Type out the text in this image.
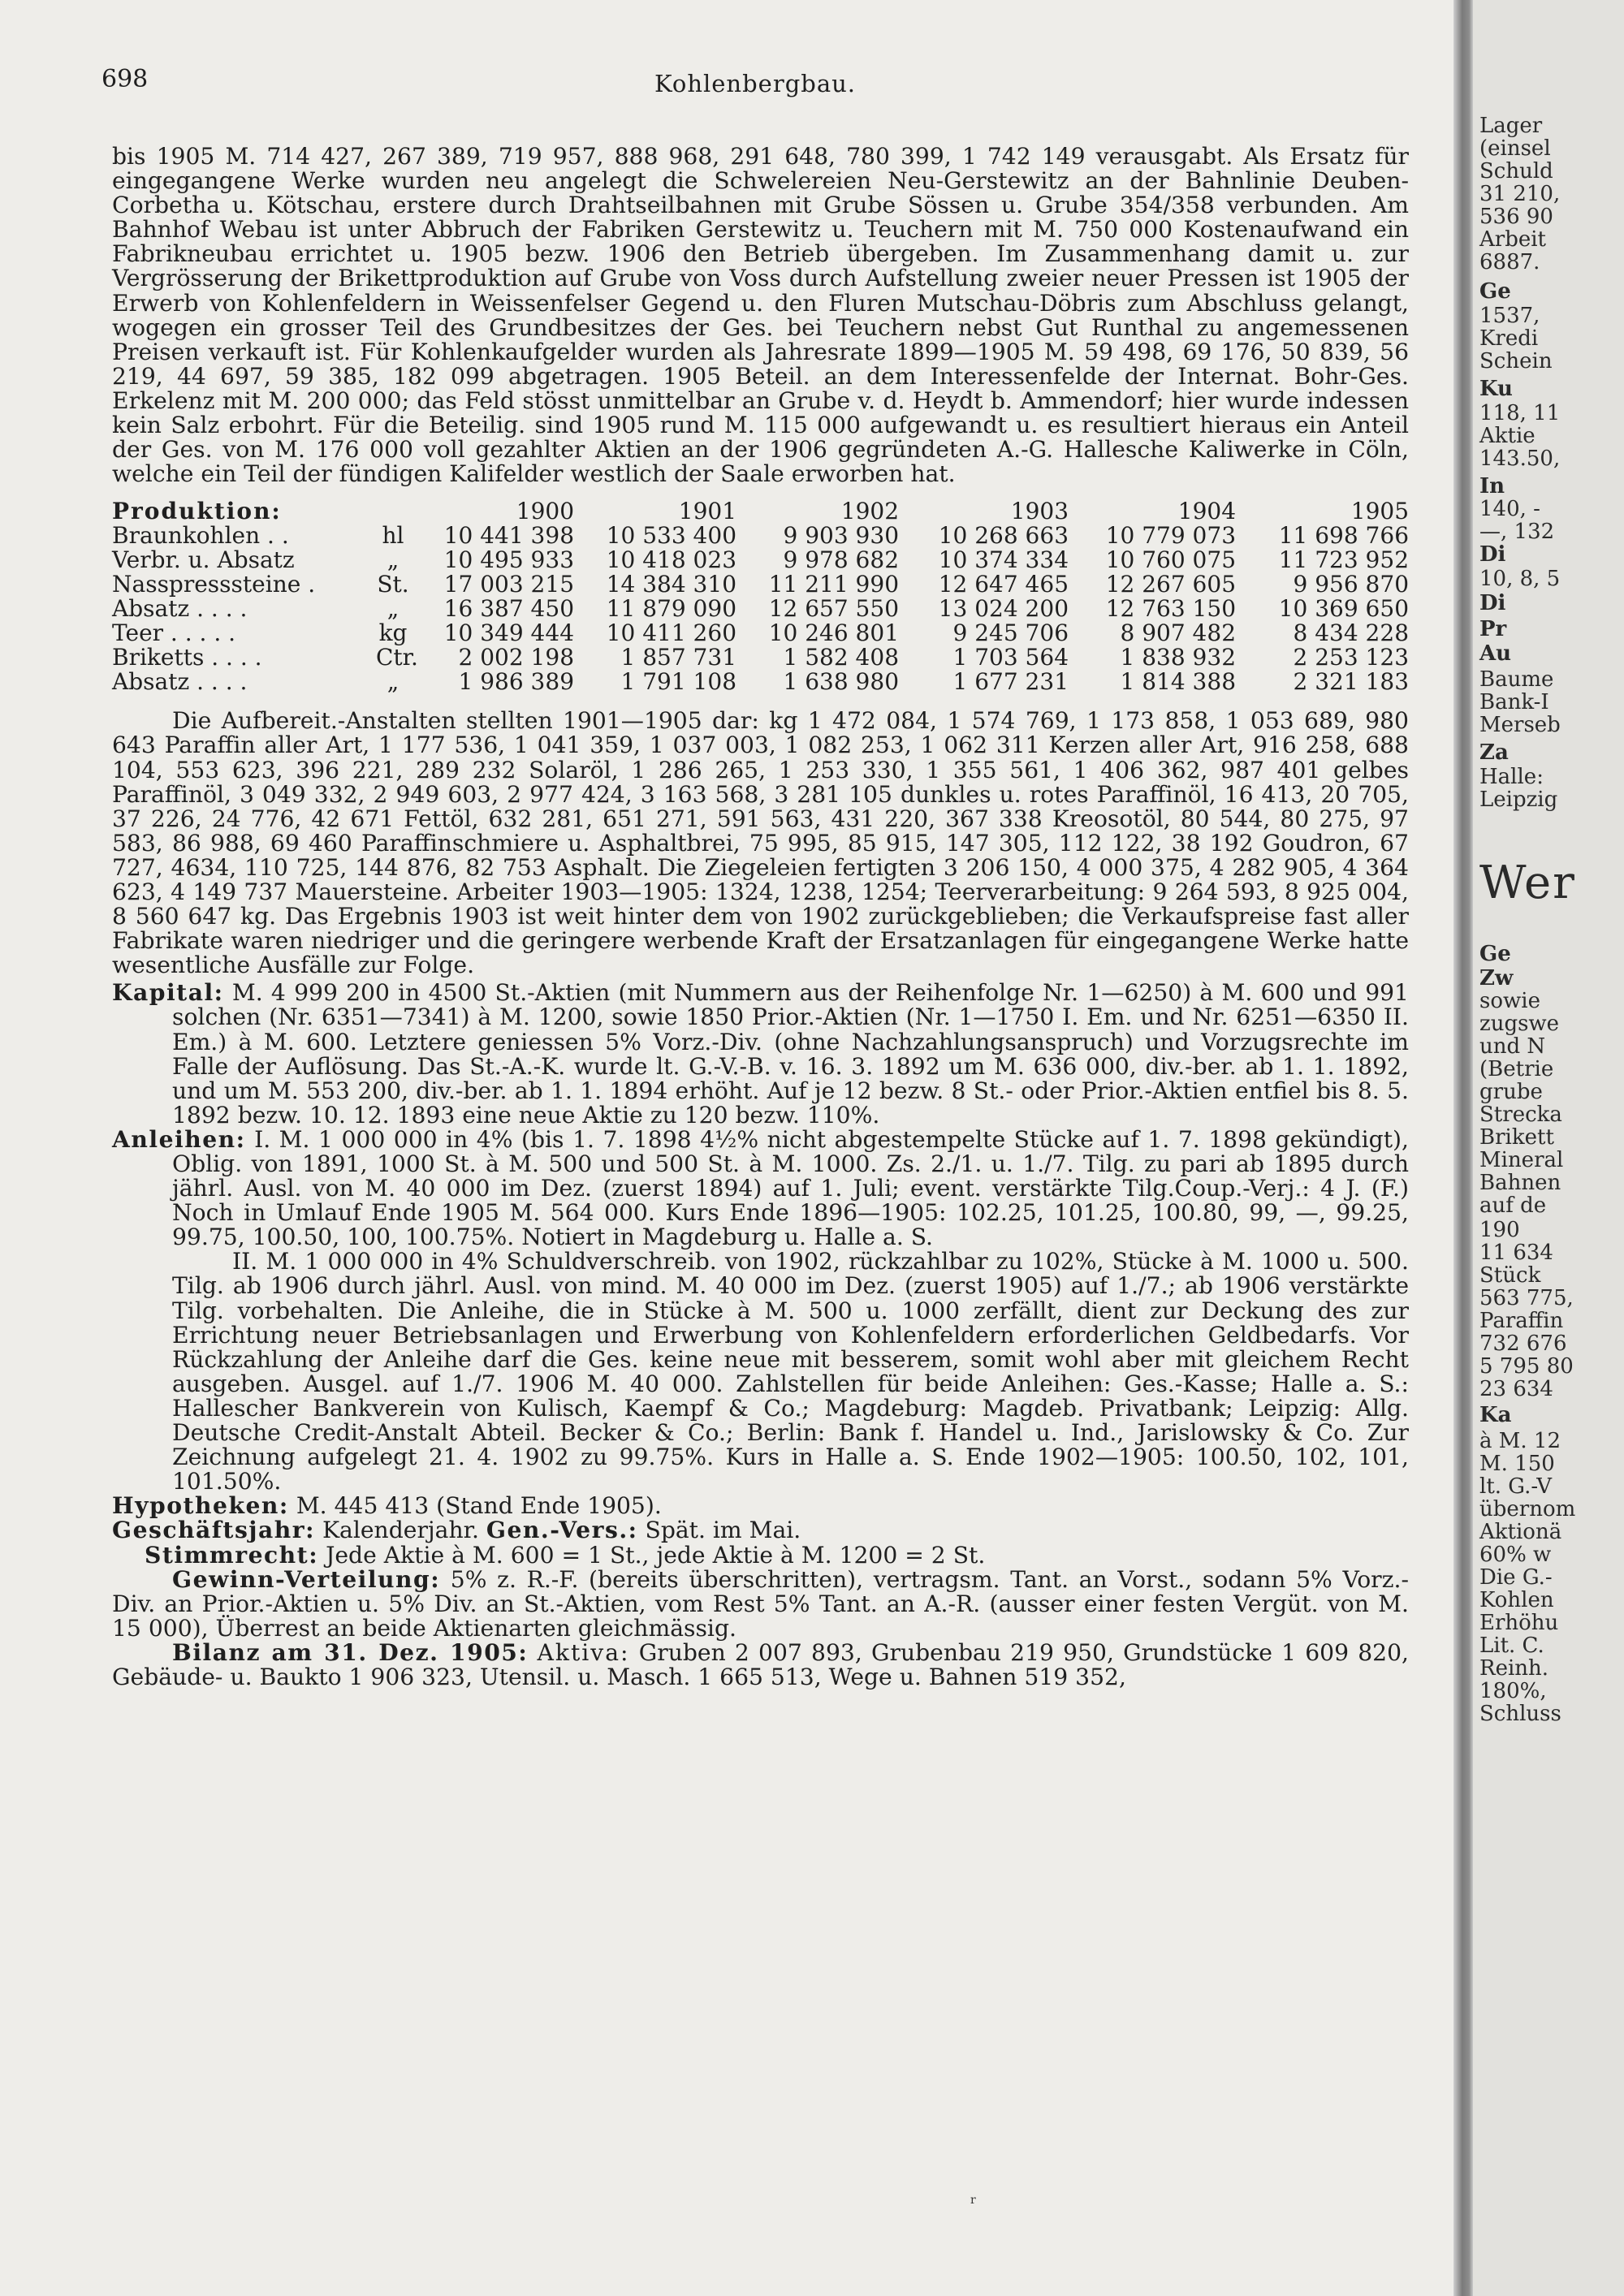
698	Kohlenbergbau.

bis 1905 M. 714 427, 267 389, 719 957, 888 968, 291 648, 780 399, 1 742 149 verausgabt. Als Ersatz für eingegangene Werke wurden neu angelegt die Schwelereien Neu-Gerstewitz an der Bahnlinie Deuben-Corbetha u. Kötschau, erstere durch Drahtseilbahnen mit Grube Sössen u. Grube 354/358 verbunden. Am Bahnhof Webau ist unter Abbruch der Fabriken Gerstewitz u. Teuchern mit M. 750 000 Kostenaufwand ein Fabrikneubau errichtet u. 1905 bezw. 1906 den Betrieb übergeben. Im Zusammenhang damit u. zur Vergrösserung der Brikettproduktion auf Grube von Voss durch Aufstellung zweier neuer Pressen ist 1905 der Erwerb von Kohlenfeldern in Weissenfelser Gegend u. den Fluren Mutschau-Döbris zum Abschluss gelangt, wogegen ein grosser Teil des Grundbesitzes der Ges. bei Teuchern nebst Gut Runthal zu angemessenen Preisen verkauft ist. Für Kohlenkaufgelder wurden als Jahresrate 1899—1905 M. 59 498, 69 176, 50 839, 56 219, 44 697, 59 385, 182 099 abgetragen. 1905 Beteil. an dem Interessenfelde der Internat. Bohr-Ges. Erkelenz mit M. 200 000; das Feld stösst unmittelbar an Grube v. d. Heydt b. Ammendorf; hier wurde indessen kein Salz erbohrt. Für die Beteilig. sind 1905 rund M. 115 000 aufgewandt u. es resultiert hieraus ein Anteil der Ges. von M. 176 000 voll gezahlter Aktien an der 1906 gegründeten A.-G. Hallesche Kaliwerke in Cöln, welche ein Teil der fündigen Kalifelder westlich der Saale erworben hat.

Produktion:		1900	1901	1902	1903	1904	1905
Braunkohlen . .	hl	10 441 398	10 533 400	9 903 930	10 268 663	10 779 073	11 698 766
Verbr. u. Absatz	„	10 495 933	10 418 023	9 978 682	10 374 334	10 760 075	11 723 952
Nasspresssteine .	St.	17 003 215	14 384 310	11 211 990	12 647 465	12 267 605	9 956 870
Absatz . . . .	„	16 387 450	11 879 090	12 657 550	13 024 200	12 763 150	10 369 650
Teer . . . . .	kg	10 349 444	10 411 260	10 246 801	9 245 706	8 907 482	8 434 228
Briketts . . . .	Ctr.	2 002 198	1 857 731	1 582 408	1 703 564	1 838 932	2 253 123
Absatz . . . .	„	1 986 389	1 791 108	1 638 980	1 677 231	1 814 388	2 321 183

Die Aufbereit.-Anstalten stellten 1901—1905 dar: kg 1 472 084, 1 574 769, 1 173 858, 1 053 689, 980 643 Paraffin aller Art, 1 177 536, 1 041 359, 1 037 003, 1 082 253, 1 062 311 Kerzen aller Art, 916 258, 688 104, 553 623, 396 221, 289 232 Solaröl, 1 286 265, 1 253 330, 1 355 561, 1 406 362, 987 401 gelbes Paraffinöl, 3 049 332, 2 949 603, 2 977 424, 3 163 568, 3 281 105 dunkles u. rotes Paraffinöl, 16 413, 20 705, 37 226, 24 776, 42 671 Fettöl, 632 281, 651 271, 591 563, 431 220, 367 338 Kreosotöl, 80 544, 80 275, 97 583, 86 988, 69 460 Paraffinschmiere u. Asphaltbrei, 75 995, 85 915, 147 305, 112 122, 38 192 Goudron, 67 727, 4634, 110 725, 144 876, 82 753 Asphalt. Die Ziegeleien fertigten 3 206 150, 4 000 375, 4 282 905, 4 364 623, 4 149 737 Mauersteine. Arbeiter 1903—1905: 1324, 1238, 1254; Teerverarbeitung: 9 264 593, 8 925 004, 8 560 647 kg. Das Ergebnis 1903 ist weit hinter dem von 1902 zurückgeblieben; die Verkaufspreise fast aller Fabrikate waren niedriger und die geringere werbende Kraft der Ersatzanlagen für eingegangene Werke hatte wesentliche Ausfälle zur Folge.

Kapital: M. 4 999 200 in 4500 St.-Aktien (mit Nummern aus der Reihenfolge Nr. 1—6250) à M. 600 und 991 solchen (Nr. 6351—7341) à M. 1200, sowie 1850 Prior.-Aktien (Nr. 1—1750 I. Em. und Nr. 6251—6350 II. Em.) à M. 600. Letztere geniessen 5% Vorz.-Div. (ohne Nachzahlungsanspruch) und Vorzugsrechte im Falle der Auflösung. Das St.-A.-K. wurde lt. G.-V.-B. v. 16. 3. 1892 um M. 636 000, div.-ber. ab 1. 1. 1892, und um M. 553 200, div.-ber. ab 1. 1. 1894 erhöht. Auf je 12 bezw. 8 St.- oder Prior.-Aktien entfiel bis 8. 5. 1892 bezw. 10. 12. 1893 eine neue Aktie zu 120 bezw. 110%.

Anleihen: I. M. 1 000 000 in 4% (bis 1. 7. 1898 4½% nicht abgestempelte Stücke auf 1. 7. 1898 gekündigt), Oblig. von 1891, 1000 St. à M. 500 und 500 St. à M. 1000. Zs. 2./1. u. 1./7. Tilg. zu pari ab 1895 durch jährl. Ausl. von M. 40 000 im Dez. (zuerst 1894) auf 1. Juli; event. verstärkte Tilg.Coup.-Verj.: 4 J. (F.) Noch in Umlauf Ende 1905 M. 564 000. Kurs Ende 1896—1905: 102.25, 101.25, 100.80, 99, —, 99.25, 99.75, 100.50, 100, 100.75%. Notiert in Magdeburg u. Halle a. S.

II. M. 1 000 000 in 4% Schuldverschreib. von 1902, rückzahlbar zu 102%, Stücke à M. 1000 u. 500. Tilg. ab 1906 durch jährl. Ausl. von mind. M. 40 000 im Dez. (zuerst 1905) auf 1./7.; ab 1906 verstärkte Tilg. vorbehalten. Die Anleihe, die in Stücke à M. 500 u. 1000 zerfällt, dient zur Deckung des zur Errichtung neuer Betriebsanlagen und Erwerbung von Kohlenfeldern erforderlichen Geldbedarfs. Vor Rückzahlung der Anleihe darf die Ges. keine neue mit besserem, somit wohl aber mit gleichem Recht ausgeben. Ausgel. auf 1./7. 1906 M. 40 000. Zahlstellen für beide Anleihen: Ges.-Kasse; Halle a. S.: Hallescher Bankverein von Kulisch, Kaempf & Co.; Magdeburg: Magdeb. Privatbank; Leipzig: Allg. Deutsche Credit-Anstalt Abteil. Becker & Co.; Berlin: Bank f. Handel u. Ind., Jarislowsky & Co. Zur Zeichnung aufgelegt 21. 4. 1902 zu 99.75%. Kurs in Halle a. S. Ende 1902—1905: 100.50, 102, 101, 101.50%.

Hypotheken: M. 445 413 (Stand Ende 1905).

Geschäftsjahr: Kalenderjahr. Gen.-Vers.: Spät. im Mai.

Stimmrecht: Jede Aktie à M. 600 = 1 St., jede Aktie à M. 1200 = 2 St.

Gewinn-Verteilung: 5% z. R.-F. (bereits überschritten), vertragsm. Tant. an Vorst., sodann 5% Vorz.-Div. an Prior.-Aktien u. 5% Div. an St.-Aktien, vom Rest 5% Tant. an A.-R. (ausser einer festen Vergüt. von M. 15 000), Überrest an beide Aktienarten gleichmässig.

Bilanz am 31. Dez. 1905: Aktiva: Gruben 2 007 893, Grubenbau 219 950, Grundstücke 1 609 820, Gebäude- u. Baukto 1 906 323, Utensil. u. Masch. 1 665 513, Wege u. Bahnen 519 352,

r
Lager
(einsel
Schuld
31 210,
536 90
Arbeit
6887.
Ge
1537,
Kredi
Schein
Ku
118, 11
Aktie
143.50,
In
140, -
—, 132
Di
10, 8, 5
Di
Pr
Au
Baume
Bank-I
Merseb
Za
Halle:
Leipzig
Wer
Ge
Zw
sowie
zugswe
und N
(Betrie
grube
Strecka
Brikett
Mineral
Bahnen
auf de
190
11 634
Stück
563 775,
Paraffin
732 676
5 795 80
23 634
Ka
à M. 12
M. 150
lt. G.-V
übernom
Aktionä
60% w
Die G.-
Kohlen
Erhöhu
Lit. C.
Reinh.
180%,
Schluss
